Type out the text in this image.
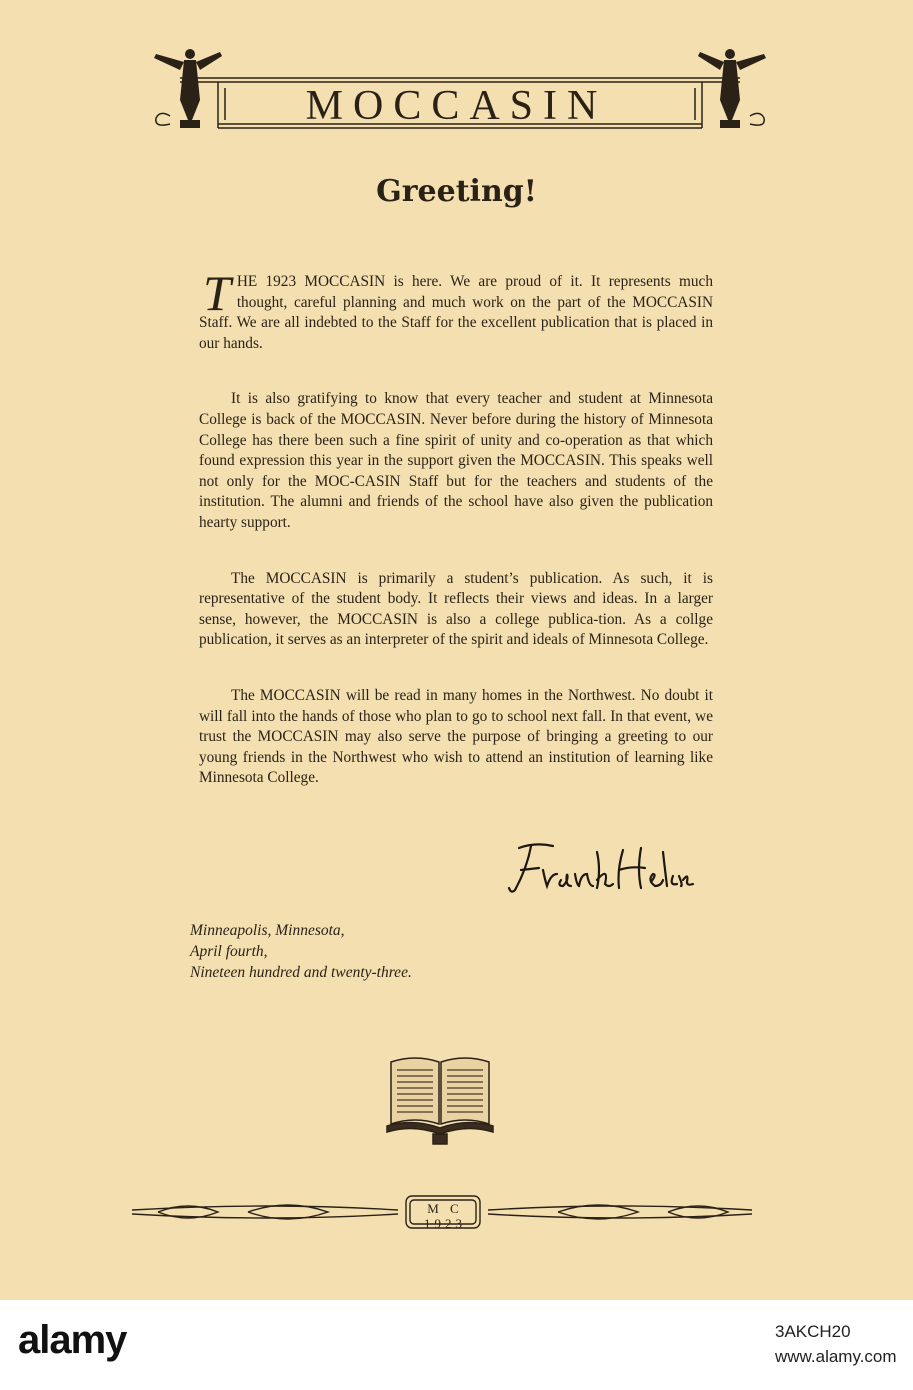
MOCCASIN
Greeting!

THE 1923 MOCCASIN is here. We are proud of it. It represents much thought, careful planning and much work on the part of the MOCCASIN Staff. We are all indebted to the Staff for the excellent publication that is placed in our hands.

It is also gratifying to know that every teacher and student at Minnesota College is back of the MOCCASIN. Never before during the history of Minnesota College has there been such a fine spirit of unity and co-operation as that which found expression this year in the support given the MOCCASIN. This speaks well not only for the MOC-CASIN Staff but for the teachers and students of the institution. The alumni and friends of the school have also given the publication hearty support.

The MOCCASIN is primarily a student’s publication. As such, it is representative of the student body. It reflects their views and ideas. In a larger sense, however, the MOCCASIN is also a college publica-tion. As a collge publication, it serves as an interpreter of the spirit and ideals of Minnesota College.

The MOCCASIN will be read in many homes in the Northwest. No doubt it will fall into the hands of those who plan to go to school next fall. In that event, we trust the MOCCASIN may also serve the purpose of bringing a greeting to our young friends in the Northwest who wish to attend an institution of learning like Minnesota College.

Minneapolis, Minnesota,
April fourth,
Nineteen hundred and twenty-three.
M C
1923
alamy	3AKCH20
www.alamy.com
